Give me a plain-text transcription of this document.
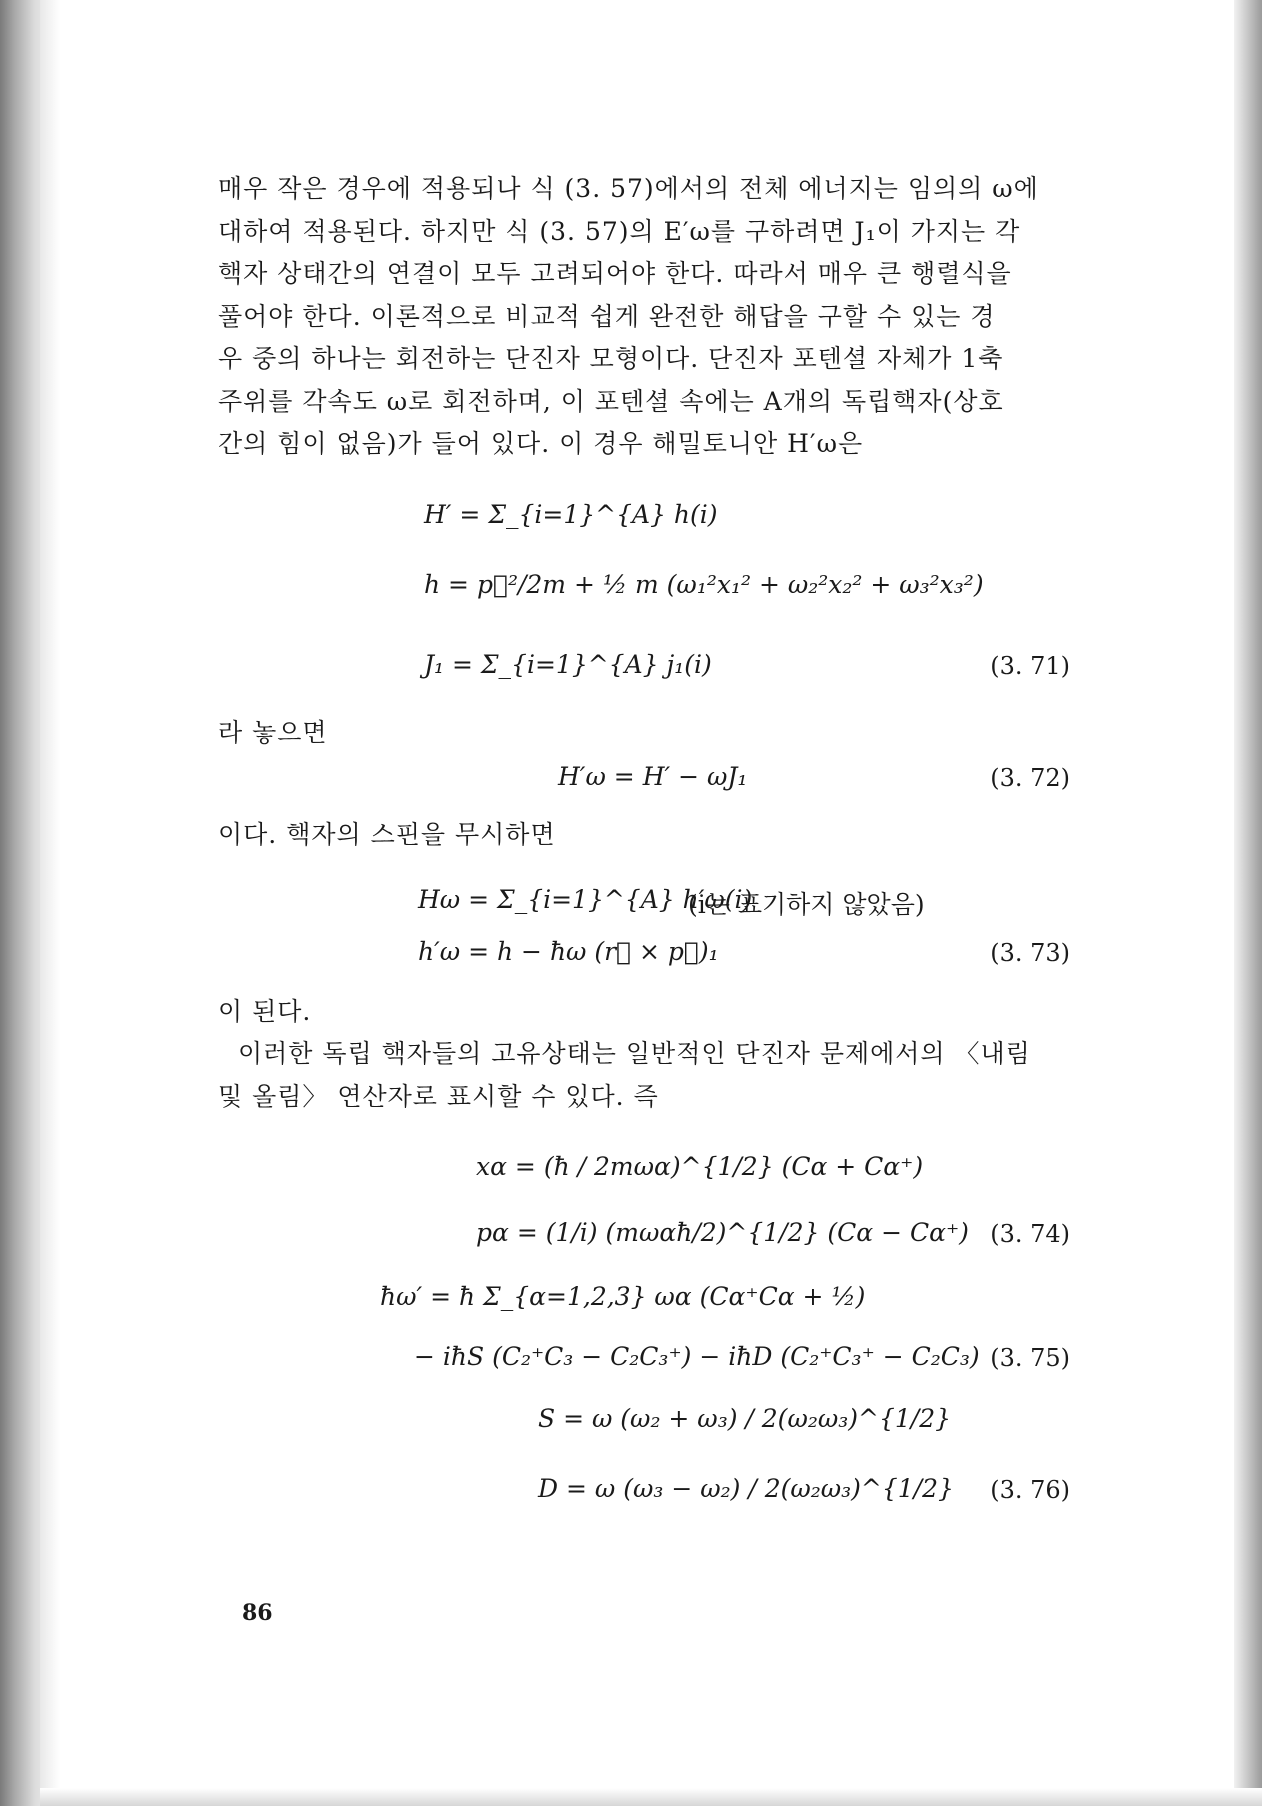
매우 작은 경우에 적용되나 식 (3. 57)에서의 전체 에너지는 임의의 ω에
대하여 적용된다. 하지만 식 (3. 57)의 E′ω를 구하려면 J₁이 가지는 각
핵자 상태간의 연결이 모두 고려되어야 한다. 따라서 매우 큰 행렬식을
풀어야 한다. 이론적으로 비교적 쉽게 완전한 해답을 구할 수 있는 경
우 중의 하나는 회전하는 단진자 모형이다. 단진자 포텐셜 자체가 1축
주위를 각속도 ω로 회전하며, 이 포텐셜 속에는 A개의 독립핵자(상호
간의 힘이 없음)가 들어 있다. 이 경우 해밀토니안 H′ω은

H′ = Σ_{i=1}^{A} h(i)
h = p⃗²/2m + ½ m (ω₁²x₁² + ω₂²x₂² + ω₃²x₃²)
J₁ = Σ_{i=1}^{A} j₁(i)	(3. 71)

라 놓으면

H′ω = H′ − ωJ₁	(3. 72)

이다. 핵자의 스핀을 무시하면

Hω = Σ_{i=1}^{A} h′ω(i)
(i는 표기하지 않았음)
h′ω = h − ħω (r⃗ × p⃗)₁	(3. 73)

이 된다.

이러한 독립 핵자들의 고유상태는 일반적인 단진자 문제에서의 〈내림

및 올림〉 연산자로 표시할 수 있다. 즉

xα = (ħ / 2mωα)^{1/2} (Cα + Cα⁺)
pα = (1/i) (mωαħ/2)^{1/2} (Cα − Cα⁺) (3. 74)
ħω′ = ħ Σ_{α=1,2,3} ωα (Cα⁺Cα + ½)
− iħS (C₂⁺C₃ − C₂C₃⁺) − iħD (C₂⁺C₃⁺ − C₂C₃) (3. 75)
S = ω (ω₂ + ω₃) / 2(ω₂ω₃)^{1/2}
D = ω (ω₃ − ω₂) / 2(ω₂ω₃)^{1/2} (3. 76)
86
